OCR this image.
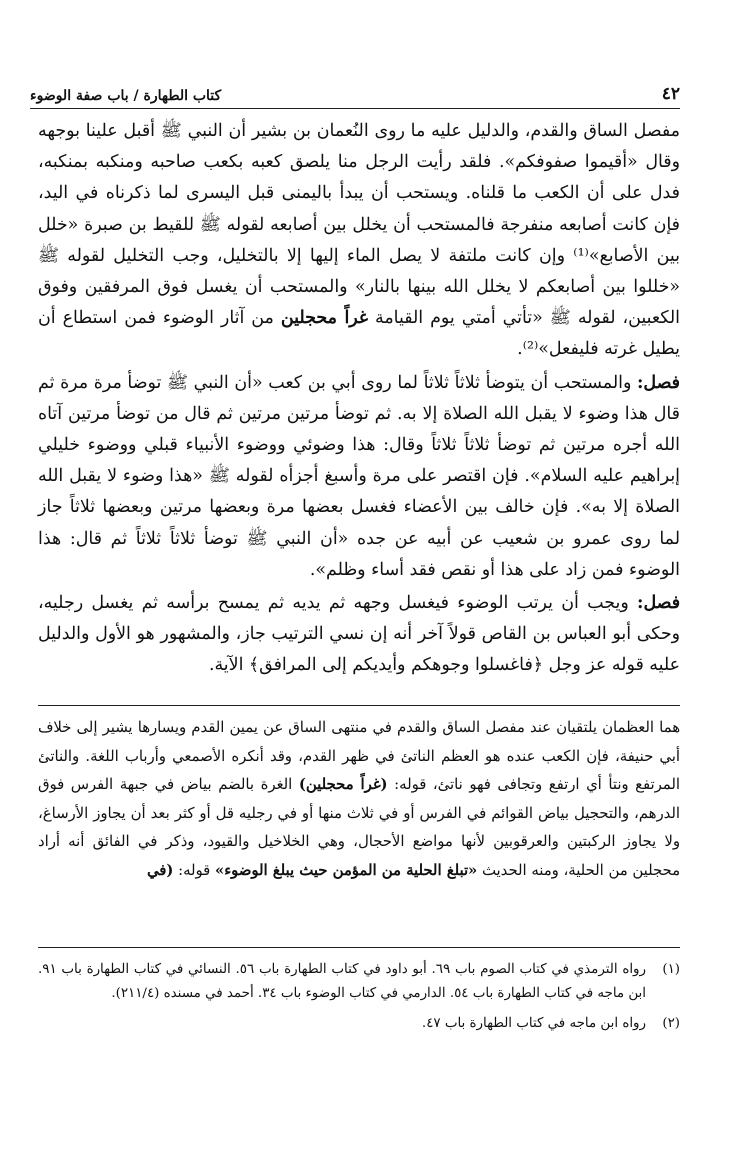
٤٢
كتاب الطهارة / باب صفة الوضوء

مفصل الساق والقدم، والدليل عليه ما روى النُعمان بن بشير أن النبي ﷺ أقبل علينا بوجهه وقال «أقيموا صفوفكم». فلقد رأيت الرجل منا يلصق كعبه بكعب صاحبه ومنكبه بمنكبه، فدل على أن الكعب ما قلناه. ويستحب أن يبدأ باليمنى قبل اليسرى لما ذكرناه في اليد، فإن كانت أصابعه منفرجة فالمستحب أن يخلل بين أصابعه لقوله ﷺ للقيط بن صبرة «خلل بين الأصابع»⁽¹⁾ وإن كانت ملتفة لا يصل الماء إليها إلا بالتخليل، وجب التخليل لقوله ﷺ «خللوا بين أصابعكم لا يخلل الله بينها بالنار» والمستحب أن يغسل فوق المرفقين وفوق الكعبين، لقوله ﷺ «تأتي أمتي يوم القيامة غراً محجلين من آثار الوضوء فمن استطاع أن يطيل غرته فليفعل»⁽²⁾.

فصل: والمستحب أن يتوضأ ثلاثاً ثلاثاً لما روى أبي بن كعب «أن النبي ﷺ توضأ مرة مرة ثم قال هذا وضوء لا يقبل الله الصلاة إلا به. ثم توضأ مرتين مرتين ثم قال من توضأ مرتين آتاه الله أجره مرتين ثم توضأ ثلاثاً ثلاثاً وقال: هذا وضوئي ووضوء الأنبياء قبلي ووضوء خليلي إبراهيم عليه السلام». فإن اقتصر على مرة وأسبغ أجزأه لقوله ﷺ «هذا وضوء لا يقبل الله الصلاة إلا به». فإن خالف بين الأعضاء فغسل بعضها مرة وبعضها مرتين وبعضها ثلاثاً جاز لما روى عمرو بن شعيب عن أبيه عن جده «أن النبي ﷺ توضأ ثلاثاً ثلاثاً ثم قال: هذا الوضوء فمن زاد على هذا أو نقص فقد أساء وظلم».

فصل: ويجب أن يرتب الوضوء فيغسل وجهه ثم يديه ثم يمسح برأسه ثم يغسل رجليه، وحكى أبو العباس بن القاص قولاً آخر أنه إن نسي الترتيب جاز، والمشهور هو الأول والدليل عليه قوله عز وجل ﴿فاغسلوا وجوهكم وأيديكم إلى المرافق﴾ الآية.

هما العظمان يلتقيان عند مفصل الساق والقدم في منتهى الساق عن يمين القدم ويسارها يشير إلى خلاف أبي حنيفة، فإن الكعب عنده هو العظم الناتئ في ظهر القدم، وقد أنكره الأصمعي وأرباب اللغة. والناتئ المرتفع ونتأ أي ارتفع وتجافى فهو ناتئ، قوله: (غراً محجلين) الغرة بالضم بياض في جبهة الفرس فوق الدرهم، والتحجيل بياض القوائم في الفرس أو في ثلاث منها أو في رجليه قل أو كثر بعد أن يجاوز الأرساغ، ولا يجاوز الركبتين والعرقوبين لأنها مواضع الأحجال، وهي الخلاخيل والقيود، وذكر في الفائق أنه أراد محجلين من الحلية، ومنه الحديث «تبلغ الحلية من المؤمن حيث يبلغ الوضوء» قوله: (في

(١)
رواه الترمذي في كتاب الصوم باب ٦٩. أبو داود في كتاب الطهارة باب ٥٦. النسائي في كتاب الطهارة باب ٩١. ابن ماجه في كتاب الطهارة باب ٥٤. الدارمي في كتاب الوضوء باب ٣٤. أحمد في مسنده (٢١١/٤).
(٢)
رواه ابن ماجه في كتاب الطهارة باب ٤٧.
